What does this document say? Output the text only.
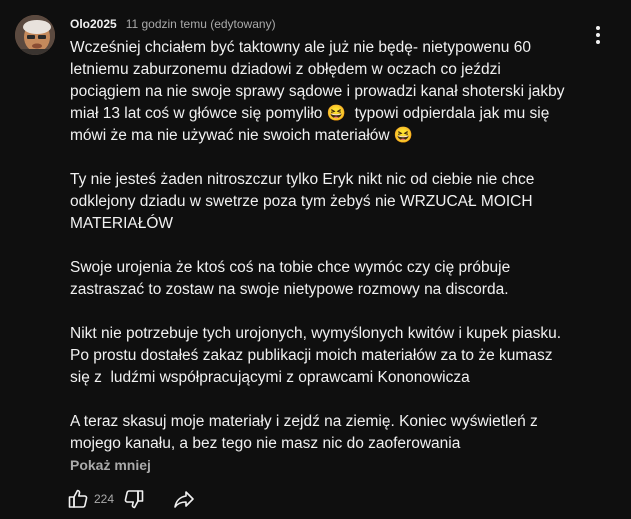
Olo2025 11 godzin temu (edytowany)

Wcześniej chciałem być taktowny ale już nie będę- nietypowenu 60 letniemu zaburzonemu dziadowi z obłędem w oczach co jeździ pociągiem na nie swoje sprawy sądowe i prowadzi kanał shoterski jakby miał 13 lat coś w główce się pomyliło 😆  typowi odpierdala jak mu się mówi że ma nie używać nie swoich materiałów 😆

Ty nie jesteś żaden nitroszczur tylko Eryk nikt nic od ciebie nie chce odklejony dziadu w swetrze poza tym żebyś nie WRZUCAŁ MOICH MATERIAŁÓW

Swoje urojenia że ktoś coś na tobie chce wymóc czy cię próbuje zastraszać to zostaw na swoje nietypowe rozmowy na discorda.

Nikt nie potrzebuje tych urojonych, wymyślonych kwitów i kupek piasku. Po prostu dostałeś zakaz publikacji moich materiałów za to że kumasz się z  ludźmi współpracującymi z oprawcami Kononowicza

A teraz skasuj moje materiały i zejdź na ziemię. Koniec wyświetleń z mojego kanału, a bez tego nie masz nic do zaoferowania

Pokaż mniej
224
